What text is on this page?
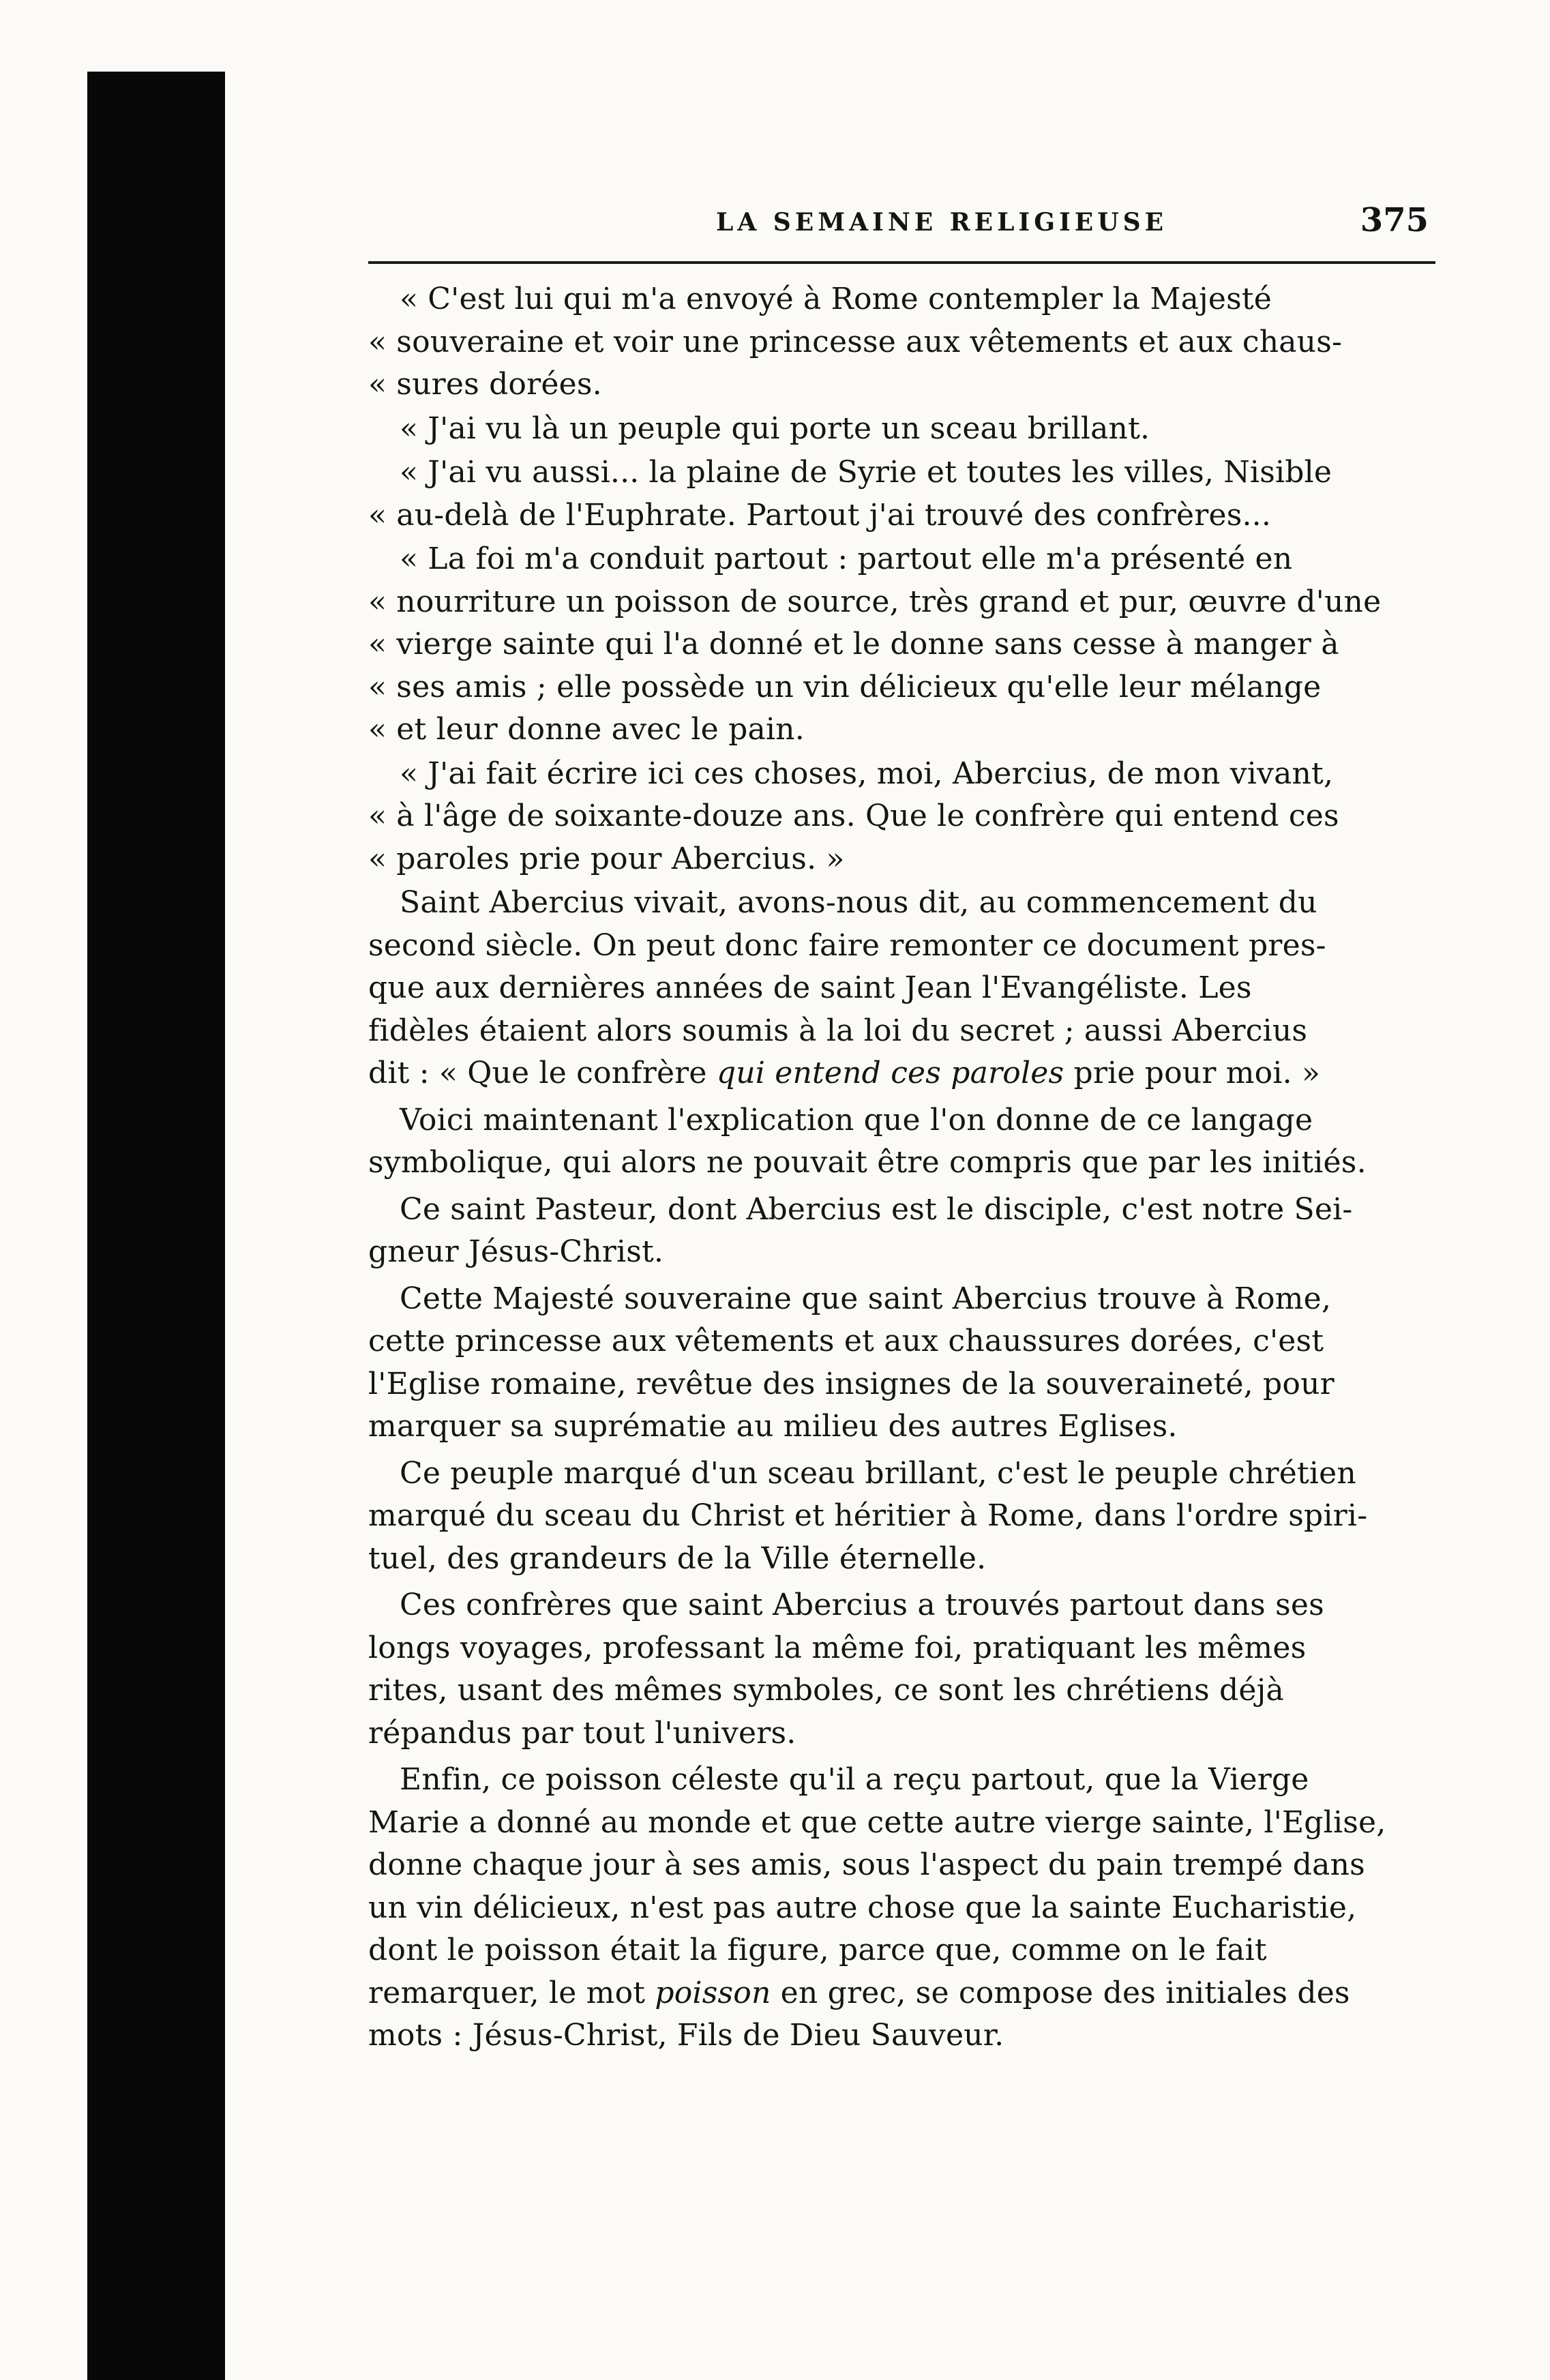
LA SEMAINE RELIGIEUSE	375

« C'est lui qui m'a envoyé à Rome contempler la Majesté
« souveraine et voir une princesse aux vêtements et aux chaus-
« sures dorées.

« J'ai vu là un peuple qui porte un sceau brillant.

« J'ai vu aussi... la plaine de Syrie et toutes les villes, Nisible
« au-delà de l'Euphrate. Partout j'ai trouvé des confrères...

« La foi m'a conduit partout : partout elle m'a présenté en
« nourriture un poisson de source, très grand et pur, œuvre d'une
« vierge sainte qui l'a donné et le donne sans cesse à manger à
« ses amis ; elle possède un vin délicieux qu'elle leur mélange
« et leur donne avec le pain.

« J'ai fait écrire ici ces choses, moi, Abercius, de mon vivant,
« à l'âge de soixante-douze ans. Que le confrère qui entend ces
« paroles prie pour Abercius. »

Saint Abercius vivait, avons-nous dit, au commencement du
second siècle. On peut donc faire remonter ce document pres-
que aux dernières années de saint Jean l'Evangéliste. Les
fidèles étaient alors soumis à la loi du secret ; aussi Abercius
dit : « Que le confrère qui entend ces paroles prie pour moi. »

Voici maintenant l'explication que l'on donne de ce langage
symbolique, qui alors ne pouvait être compris que par les initiés.

Ce saint Pasteur, dont Abercius est le disciple, c'est notre Sei-
gneur Jésus-Christ.

Cette Majesté souveraine que saint Abercius trouve à Rome,
cette princesse aux vêtements et aux chaussures dorées, c'est
l'Eglise romaine, revêtue des insignes de la souveraineté, pour
marquer sa suprématie au milieu des autres Eglises.

Ce peuple marqué d'un sceau brillant, c'est le peuple chrétien
marqué du sceau du Christ et héritier à Rome, dans l'ordre spiri-
tuel, des grandeurs de la Ville éternelle.

Ces confrères que saint Abercius a trouvés partout dans ses
longs voyages, professant la même foi, pratiquant les mêmes
rites, usant des mêmes symboles, ce sont les chrétiens déjà
répandus par tout l'univers.

Enfin, ce poisson céleste qu'il a reçu partout, que la Vierge
Marie a donné au monde et que cette autre vierge sainte, l'Eglise,
donne chaque jour à ses amis, sous l'aspect du pain trempé dans
un vin délicieux, n'est pas autre chose que la sainte Eucharistie,
dont le poisson était la figure, parce que, comme on le fait
remarquer, le mot poisson en grec, se compose des initiales des
mots : Jésus-Christ, Fils de Dieu Sauveur.
